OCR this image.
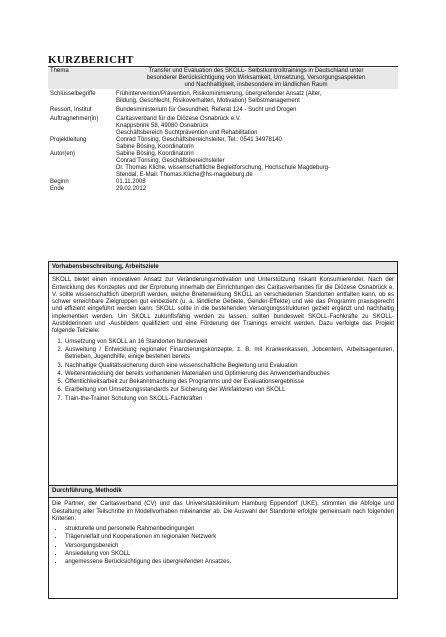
KURZBERICHT
Thema	Transfer und Evaluation des SKOLL- Selbstkontrolltrainings in Deutschland unter
besonderer Berücksichtigung von Wirksamkeit, Umsetzung, Versorgungsaspekten
und Nachhaltigkeit, insbesondere im ländlichen Raum

Schlüsselbegriffe	Frühintervention/Prävention, Risikominimierung, übergreifender Ansatz (Alter,
Bildung, Geschlecht, Risikoverhalten, Motivation) Selbstmanagement

Ressort, Institut	Bundesministerium für Gesundheit, Referat 124 - Sucht und Drogen

Auftragnehmer(in)	Caritasverband für die Diözese Osnabrück e.V.
Knappsbrink 58, 49080 Osnabrück
Geschäftsbereich Suchtprävention und Rehabilitation

Projektleitung	Conrad Tönsing, Geschäftsbereichsleiter, Tel.: 0541 34978140
Sabine Bösing, Koordinatorin

Autor(en)	Sabine Bösing, Koordinatorin
Conrad Tönsing, Geschäftsbereichsleiter
Dr. Thomas Kliche, wissenschaftliche Begleitforschung, Hochschule Magdeburg-
Stendal, E-Mail: Thomas.Kliche@hs-magdeburg.de

Beginn	01.11.2008

Ende	29.02.2012
Vorhabensbeschreibung, Arbeitsziele

SKOLL bietet einen innovativen Ansatz zur Veränderungsmotivation und Unterstützung riskant Konsumierender. Nach der Entwicklung des Konzeptes und der Erprobung innerhalb der Einrichtungen des Caritasverbandes für die Diözese Osnabrück e. V. sollte wissenschaftlich überprüft werden, welche Breitenwirkung SKOLL an verschiedenen Standorten entfalten kann, ob es schwer erreichbare Zielgruppen gut einbezieht (u. a. ländliche Gebiete, Gender-Effekte) und wie das Programm praxisgerecht und effizient eingeführt werden kann. SKOLL sollte in die bestehenden Versorgungsstrukturen gezielt ergänzt und nachhaltig implementiert werden. Um SKOLL zukunftsfähig werden zu lassen, sollten bundesweit SKOLL-Fachkräfte zu SKOLL-Ausbilderinnen und -Ausbildern qualifiziert und eine Förderung der Trainings erreicht werden. Dazu verfolgte das Projekt folgende Teilziele:

1. Umsetzung von SKOLL an 16 Standorten bundesweit
2. Ausweitung / Entwicklung regionaler Finanzierungskonzepte, z. B. mit Krankenkassen, Jobcentern, Arbeitsagenturen, Betrieben, Jugendhilfe; einige bestehen bereits
3. Nachhaltige Qualitätssicherung durch eine wissenschaftliche Begleitung und Evaluation
4. Weiterentwicklung der bereits vorhandenen Materialien und Optimierung des Anwenderhandbuches
5. Öffentlichkeitsarbeit zur Bekanntmachung des Programms und der Evaluationsergebnisse
6. Erarbeitung von Umsetzungsstandards zur Sicherung der Wirkfaktoren von SKOLL
7. Train-the-Trainer Schulung von SKOLL-Fachkräften
Durchführung, Methodik

Die Partner, der Caritasverband (CV) und das Universitätsklinikum Hamburg Eppendorf (UKE), stimmten die Abfolge und Gestaltung aller Teilschritte im Modellvorhaben miteinander ab. Die Auswahl der Standorte erfolgte gemeinsam nach folgenden Kriterien:

• strukturelle und personelle Rahmenbedingungen
• Trägervielfalt und Kooperationen im regionalen Netzwerk
• Versorgungsbereich
• Ansiedelung von SKOLL
• angemessene Berücksichtigung des übergreifenden Ansatzes.
